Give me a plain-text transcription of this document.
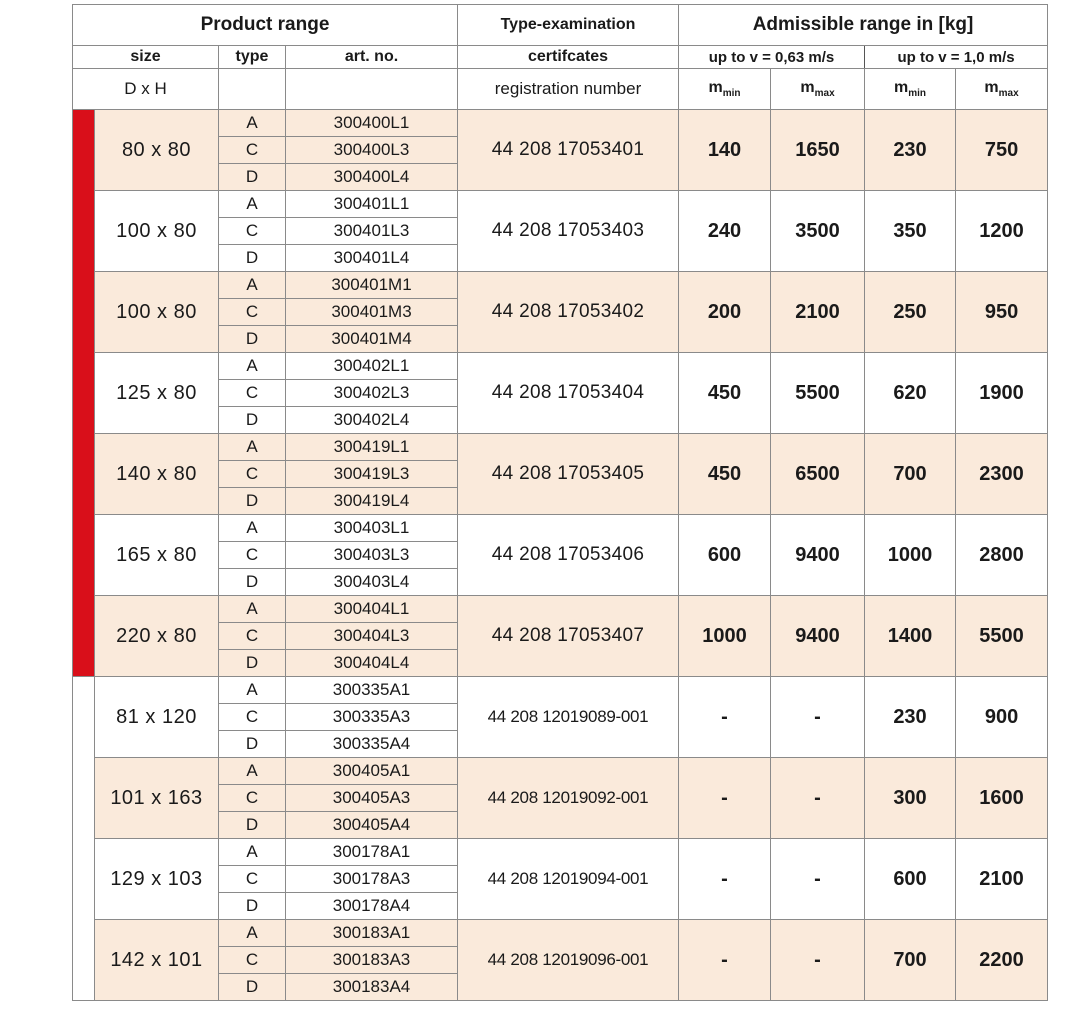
Product range				Type-examination	Admissible range in [kg]			
size		type	art. no.	certifcates	up to v = 0,63 m/s		up to v = 1,0 m/s	
D x H				registration number	$m_{min}$	$m_{max}$	$m_{min}$	$m_{max}$
Series S	80 x 80	A	300400L1	44 208 17053401	140	1650	230	750
		C	300400L3					
		D	300400L4					
	100 x 80	A	300401L1	44 208 17053403	240	3500	350	1200
		C	300401L3					
		D	300401L4					
	100 x 80	A	300401M1	44 208 17053402	200	2100	250	950
		C	300401M3					
		D	300401M4					
	125 x 80	A	300402L1	44 208 17053404	450	5500	620	1900
		C	300402L3					
		D	300402L4					
	140 x 80	A	300419L1	44 208 17053405	450	6500	700	2300
		C	300419L3					
		D	300419L4					
	165 x 80	A	300403L1	44 208 17053406	600	9400	1000	2800
		C	300403L3					
		D	300403L4					
	220 x 80	A	300404L1	44 208 17053407	1000	9400	1400	5500
		C	300404L3					
		D	300404L4					
	81 x 120	A	300335A1	44 208 12019089-001	-	-	230	900
		C	300335A3					
		D	300335A4					
	101 x 163	A	300405A1	44 208 12019092-001	-	-	300	1600
		C	300405A3					
		D	300405A4					
	129 x 103	A	300178A1	44 208 12019094-001	-	-	600	2100
		C	300178A3					
		D	300178A4					
	142 x 101	A	300183A1	44 208 12019096-001	-	-	700	2200
		C	300183A3					
		D	300183A4					
